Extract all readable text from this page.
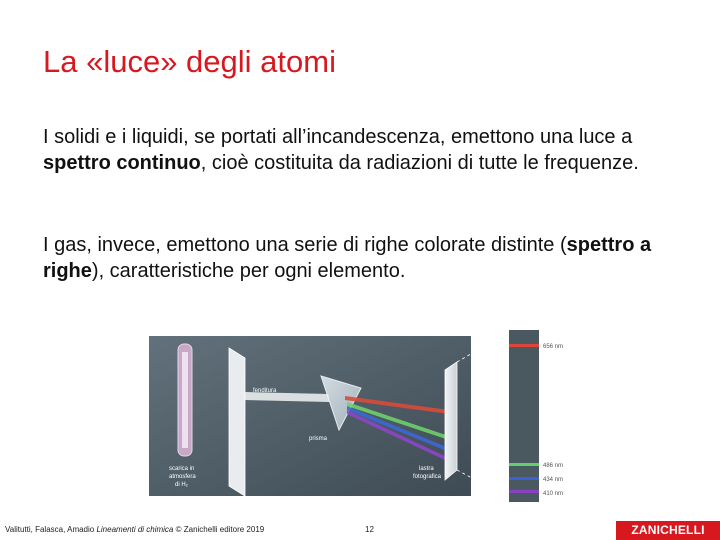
La «luce» degli atomi

I solidi e i liquidi, se portati all’incandescenza, emettono una luce a spettro continuo, cioè costituita da radiazioni di tutte le frequenze.

I gas, invece, emettono una serie di righe colorate distinte (spettro a righe), caratteristiche per ogni elemento.

656 nm
486 nm
434 nm
410 nm
fenditura
prisma
scarica in
atmosfera
di H₂
lastra
fotografica
Valitutti, Falasca, Amadio Lineamenti di chimica © Zanichelli editore 2019	12	ZANICHELLI
